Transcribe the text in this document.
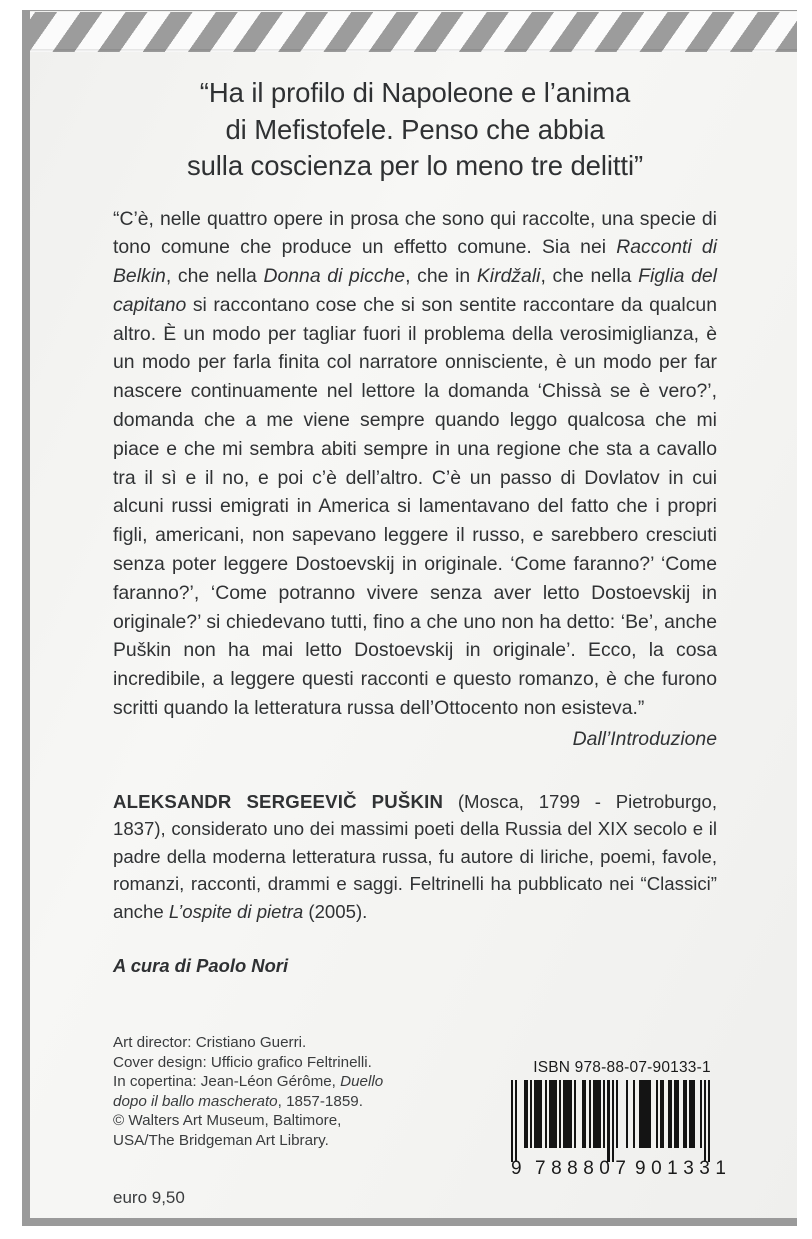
“Ha il profilo di Napoleone e l’anima
di Mefistofele. Penso che abbia
sulla coscienza per lo meno tre delitti”

“C’è, nelle quattro opere in prosa che sono qui raccolte, una specie di tono comune che produce un effetto comune. Sia nei Racconti di Belkin, che nella Donna di picche, che in Kirdžali, che nella Figlia del capitano si raccontano cose che si son sentite raccontare da qualcun altro. È un modo per tagliar fuori il problema della verosimiglianza, è un modo per farla finita col narratore onnisciente, è un modo per far nascere continuamente nel lettore la domanda ‘Chissà se è vero?’, domanda che a me viene sempre quando leggo qualcosa che mi piace e che mi sembra abiti sempre in una regione che sta a cavallo tra il sì e il no, e poi c’è dell’altro. C’è un passo di Dovlatov in cui alcuni russi emigrati in America si lamentavano del fatto che i propri figli, americani, non sapevano leggere il russo, e sarebbero cresciuti senza poter leggere Dostoevskij in originale. ‘Come faranno?’ ‘Come faranno?’, ‘Come potranno vivere senza aver letto Dostoevskij in originale?’ si chiedevano tutti, fino a che uno non ha detto: ‘Be’, anche Puškin non ha mai letto Dostoevskij in originale’. Ecco, la cosa incredibile, a leggere questi racconti e questo romanzo, è che furono scritti quando la letteratura russa dell’Ottocento non esisteva.”

Dall’Introduzione

ALEKSANDR SERGEEVIČ PUŠKIN (Mosca, 1799 - Pietroburgo, 1837), considerato uno dei massimi poeti della Russia del XIX secolo e il padre della moderna letteratura russa, fu autore di liriche, poemi, favole, romanzi, racconti, drammi e saggi. Feltrinelli ha pubblicato nei “Classici” anche L’ospite di pietra (2005).

A cura di Paolo Nori
Art director: Cristiano Guerri.
Cover design: Ufficio grafico Feltrinelli.
In copertina: Jean-Léon Gérôme, Duello
dopo il ballo mascherato, 1857-1859.
© Walters Art Museum, Baltimore,
USA/The Bridgeman Art Library.
euro 9,50
ISBN 978-88-07-90133-1
9 788807 901331
